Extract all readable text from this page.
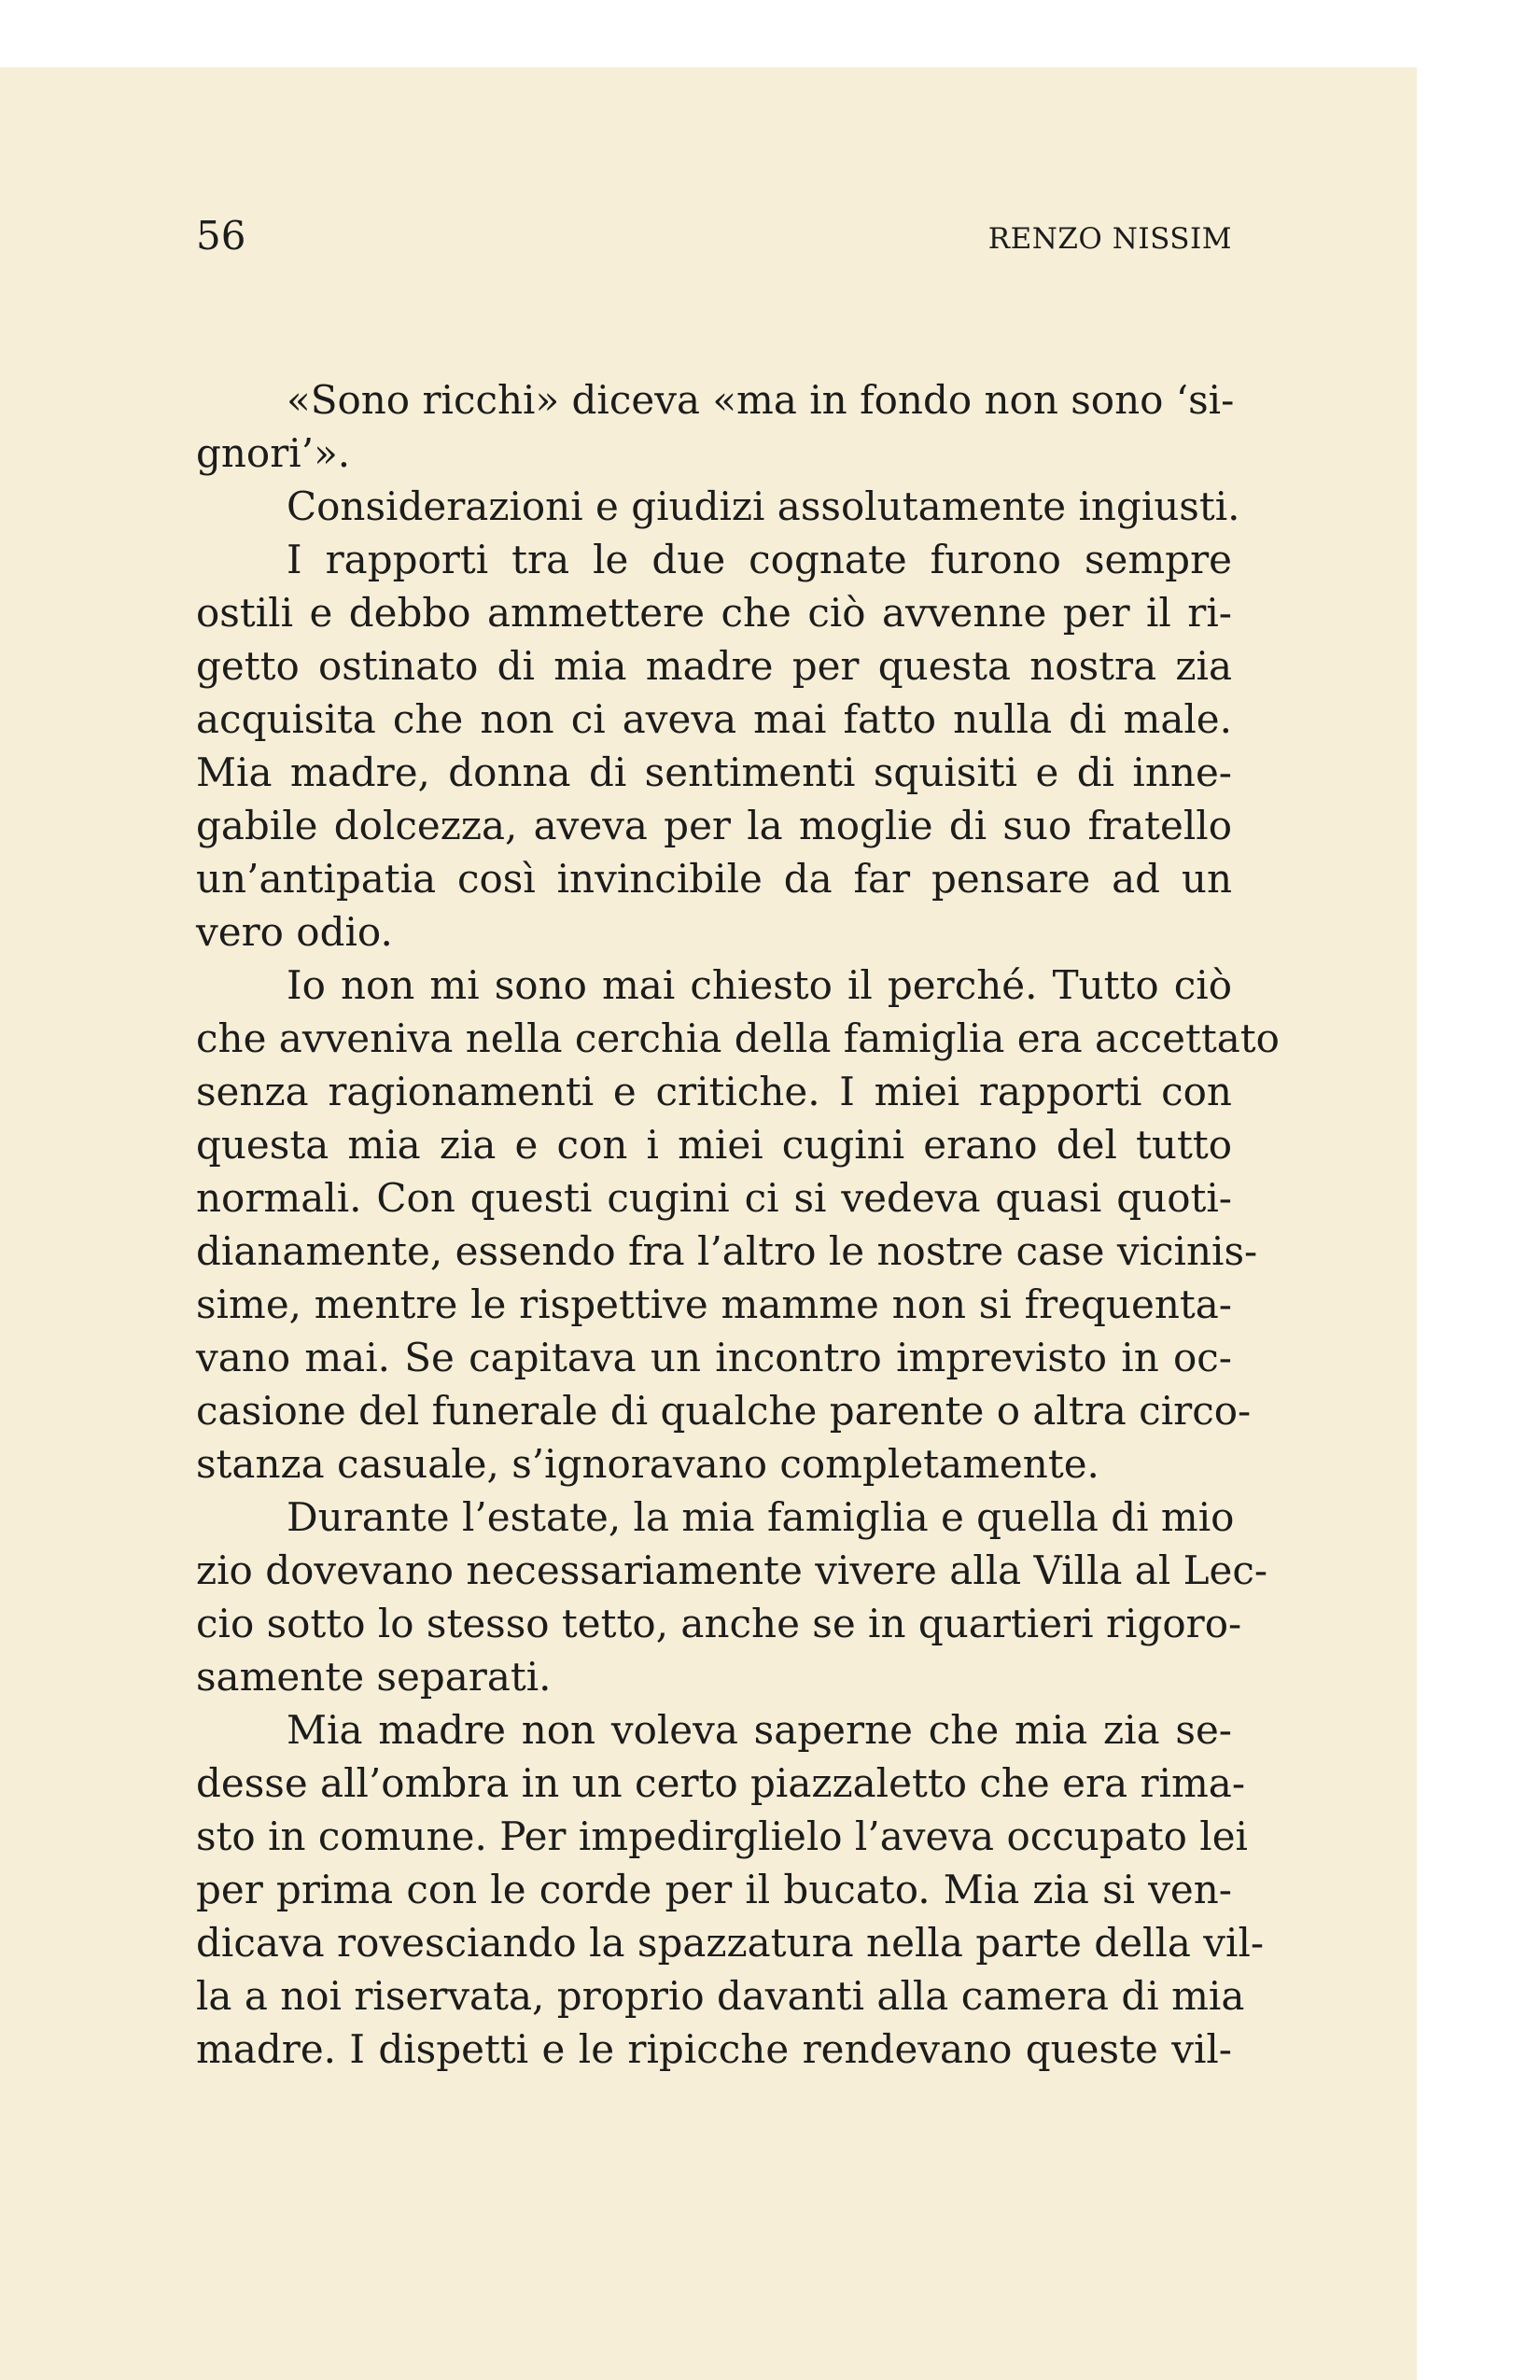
56	RENZO NISSIM
«Sono ricchi» diceva «ma in fondo non sono ‘si-
gnori’».
Considerazioni e giudizi assolutamente ingiusti.
I rapporti tra le due cognate furono sempre
ostili e debbo ammettere che ciò avvenne per il ri-
getto ostinato di mia madre per questa nostra zia
acquisita che non ci aveva mai fatto nulla di male.
Mia madre, donna di sentimenti squisiti e di inne-
gabile dolcezza, aveva per la moglie di suo fratello
un’antipatia così invincibile da far pensare ad un
vero odio.
Io non mi sono mai chiesto il perché. Tutto ciò
che avveniva nella cerchia della famiglia era accettato
senza ragionamenti e critiche. I miei rapporti con
questa mia zia e con i miei cugini erano del tutto
normali. Con questi cugini ci si vedeva quasi quoti-
dianamente, essendo fra l’altro le nostre case vicinis-
sime, mentre le rispettive mamme non si frequenta-
vano mai. Se capitava un incontro imprevisto in oc-
casione del funerale di qualche parente o altra circo-
stanza casuale, s’ignoravano completamente.
Durante l’estate, la mia famiglia e quella di mio
zio dovevano necessariamente vivere alla Villa al Lec-
cio sotto lo stesso tetto, anche se in quartieri rigoro-
samente separati.
Mia madre non voleva saperne che mia zia se-
desse all’ombra in un certo piazzaletto che era rima-
sto in comune. Per impedirglielo l’aveva occupato lei
per prima con le corde per il bucato. Mia zia si ven-
dicava rovesciando la spazzatura nella parte della vil-
la a noi riservata, proprio davanti alla camera di mia
madre. I dispetti e le ripicche rendevano queste vil-
